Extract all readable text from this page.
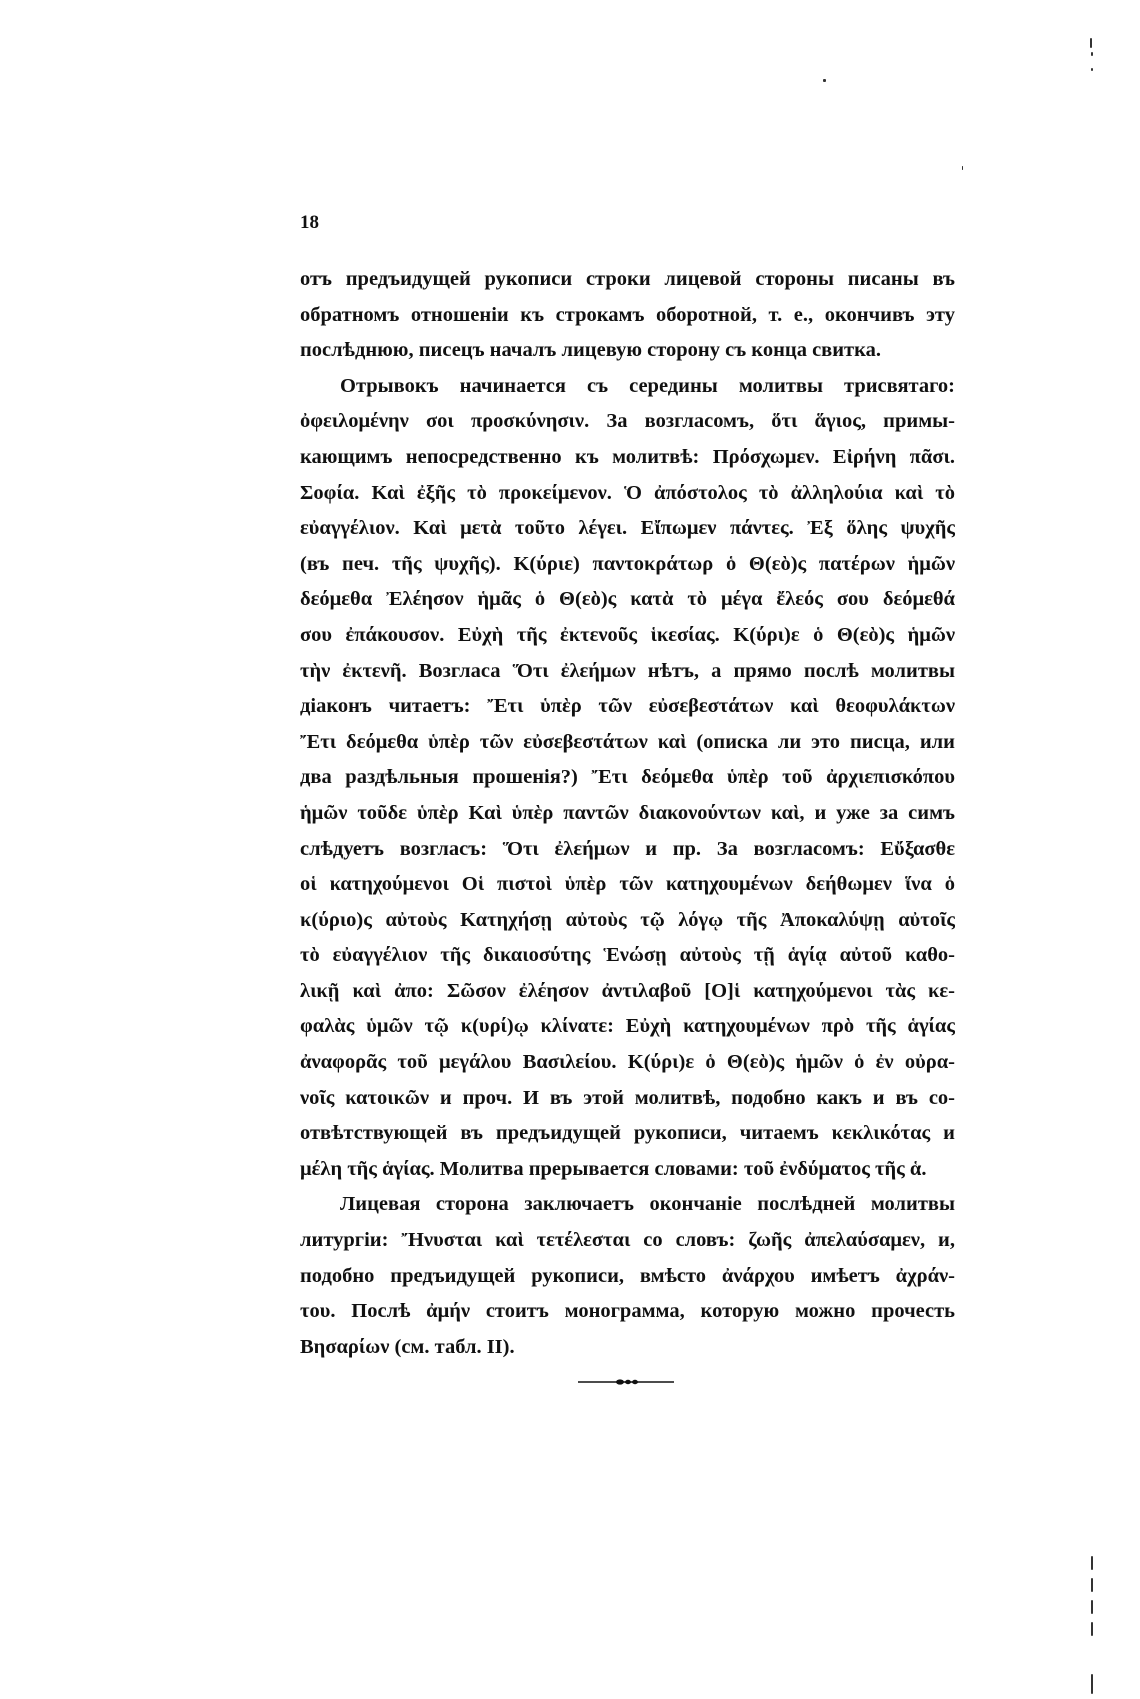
18
отъ предъидущей рукописи строки лицевой стороны писаны въ
обратномъ отношеніи къ строкамъ оборотной, т. е., окончивъ эту
послѣднюю, писецъ началъ лицевую сторону съ конца свитка.
Отрывокъ начинается съ середины молитвы трисвятаго:
ὀφειλομένην σοι προσκύνησιν. За возгласомъ, ὅτι ἅγιος, примы-
кающимъ непосредственно къ молитвѣ: Πρόσχωμεν. Εἰρήνη πᾶσι.
Σοφία. Καὶ ἐξῆς τὸ προκείμενον. Ὁ ἀπόστολος τὸ ἀλληλούια καὶ τὸ
εὐαγγέλιον. Καὶ μετὰ τοῦτο λέγει. Εἴπωμεν πάντες. Ἐξ ὅλης ψυχῆς
(въ печ. τῆς ψυχῆς). Κ(ύριε) παντοκράτωρ ὁ Θ(εὸ)ς πατέρων ἡμῶν
δεόμεθα Ἐλέησον ἡμᾶς ὁ Θ(εὸ)ς κατὰ τὸ μέγα ἔλεός σου δεόμεθά
σου ἐπάκουσον. Εὐχὴ τῆς ἐκτενοῦς ἱκεσίας. Κ(ύρι)ε ὁ Θ(εὸ)ς ἡμῶν
τὴν ἐκτενῆ. Возгласа Ὅτι ἐλεήμων нѣтъ, а прямо послѣ молитвы
діаконъ читаетъ: Ἔτι ὑπὲρ τῶν εὐσεβεστάτων καὶ θεοφυλάκτων
Ἔτι δεόμεθα ὑπὲρ τῶν εὐσεβεστάτων καὶ (описка ли это писца, или
два раздѣльныя прошенія?) Ἔτι δεόμεθα ὑπὲρ τοῦ ἀρχιεπισκόπου
ἡμῶν τοῦδε ὑπὲρ Καὶ ὑπὲρ παντῶν διακονούντων καὶ, и уже за симъ
слѣдуетъ возгласъ: Ὅτι ἐλεήμων и пр. За возгласомъ: Εὔξασθε
οἱ κατηχούμενοι Οἱ πιστοὶ ὑπὲρ τῶν κατηχουμένων δεήθωμεν ἵνα ὁ
κ(ύριο)ς αὐτοὺς Κατηχήσῃ αὐτοὺς τῷ λόγῳ τῆς Ἀποκαλύψῃ αὐτοῖς
τὸ εὐαγγέλιον τῆς δικαιοσύτης Ἑνώσῃ αὐτοὺς τῇ ἁγίᾳ αὐτοῦ καθο-
λικῇ καὶ ἀπο: Σῶσον ἐλέησον ἀντιλαβοῦ [Ο]ἱ κατηχούμενοι τὰς κε-
φαλὰς ὑμῶν τῷ κ(υρί)ῳ κλίνατε: Εὐχὴ κατηχουμένων πρὸ τῆς ἁγίας
ἀναφορᾶς τοῦ μεγάλου Βασιλείου. Κ(ύρι)ε ὁ Θ(εὸ)ς ἡμῶν ὁ ἐν οὐρα-
νοῖς κατοικῶν и проч. И въ этой молитвѣ, подобно какъ и въ со-
отвѣтствующей въ предъидущей рукописи, читаемъ κεκλικότας и
μέλη τῆς ἁγίας. Молитва прерывается словами: τοῦ ἐνδύματος τῆς ἁ.
Лицевая сторона заключаетъ окончаніе послѣдней молитвы
литургіи: Ἤνυσται καὶ τετέλεσται со словъ: ζωῆς ἀπελαύσαμεν, и,
подобно предъидущей рукописи, вмѣсто ἀνάρχου имѣетъ ἀχράν-
του. Послѣ ἀμήν стоитъ монограмма, которую можно прочесть
Βησαρίων (см. табл. II).
